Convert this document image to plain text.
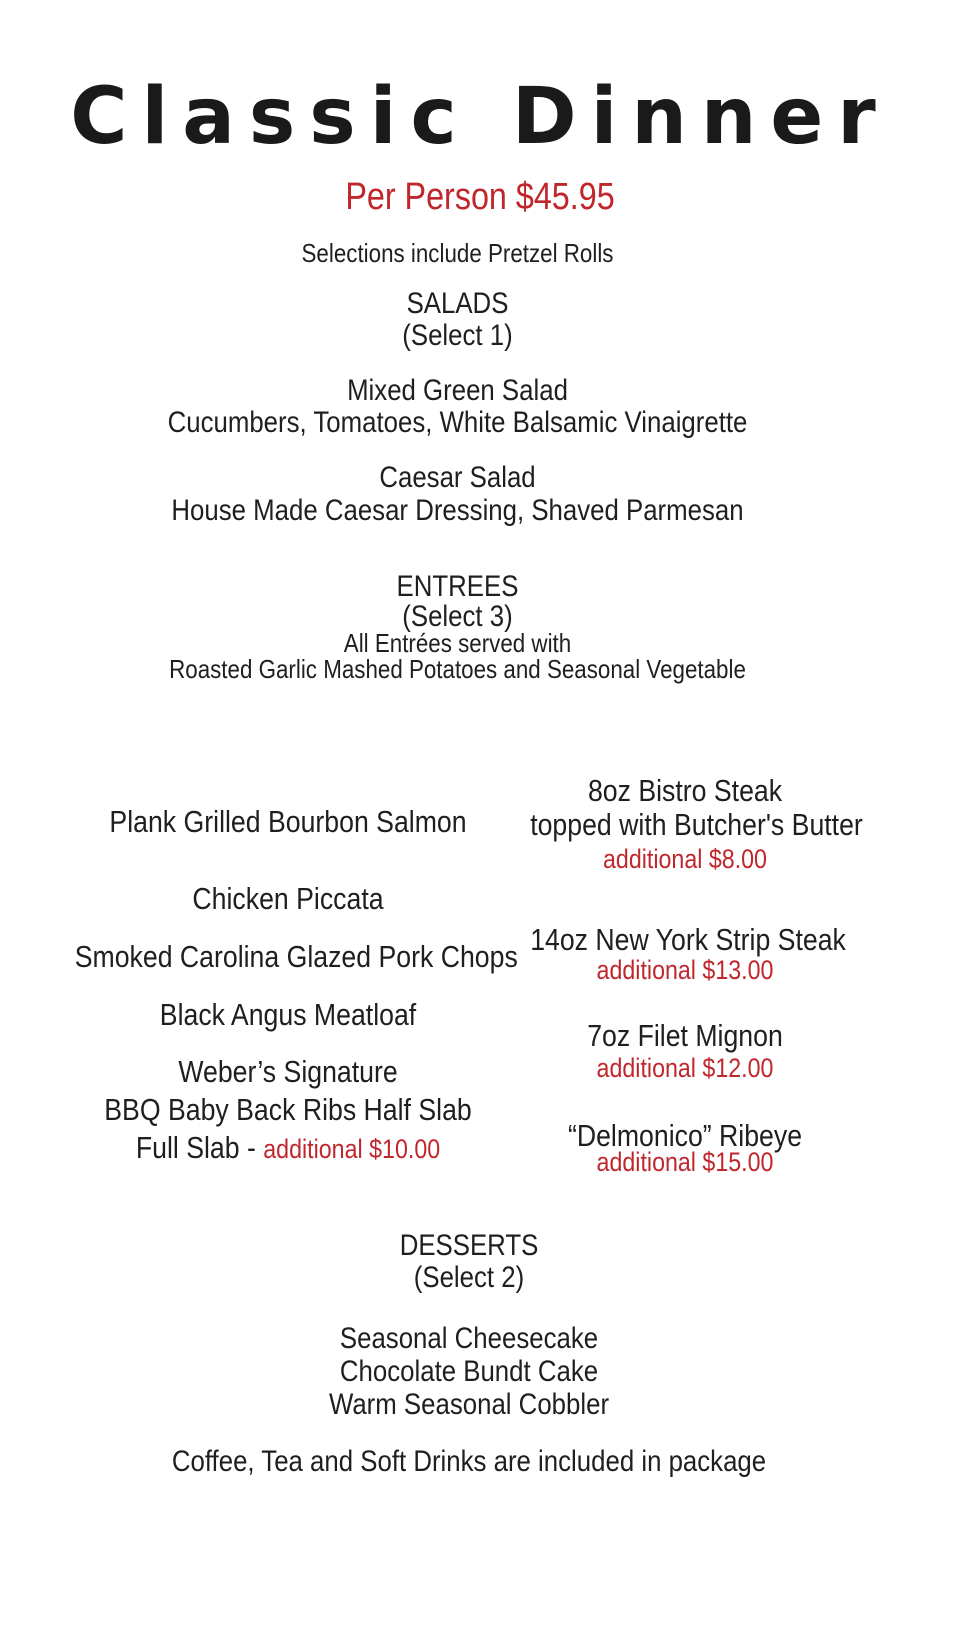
Classic Dinner
Per Person $45.95
Selections include Pretzel Rolls
SALADS
(Select 1)
Mixed Green Salad
Cucumbers, Tomatoes, White Balsamic Vinaigrette
Caesar Salad
House Made Caesar Dressing, Shaved Parmesan
ENTREES
(Select 3)
All Entrées served with
Roasted Garlic Mashed Potatoes and Seasonal Vegetable
Plank Grilled Bourbon Salmon
Chicken Piccata
Smoked Carolina Glazed Pork Chops
Black Angus Meatloaf
Weber’s Signature
BBQ Baby Back Ribs Half Slab
Full Slab - additional $10.00
8oz Bistro Steak
topped with Butcher's Butter
additional $8.00
14oz New York Strip Steak
additional $13.00
7oz Filet Mignon
additional $12.00
“Delmonico” Ribeye
additional $15.00
DESSERTS
(Select 2)
Seasonal Cheesecake
Chocolate Bundt Cake
Warm Seasonal Cobbler
Coffee, Tea and Soft Drinks are included in package
